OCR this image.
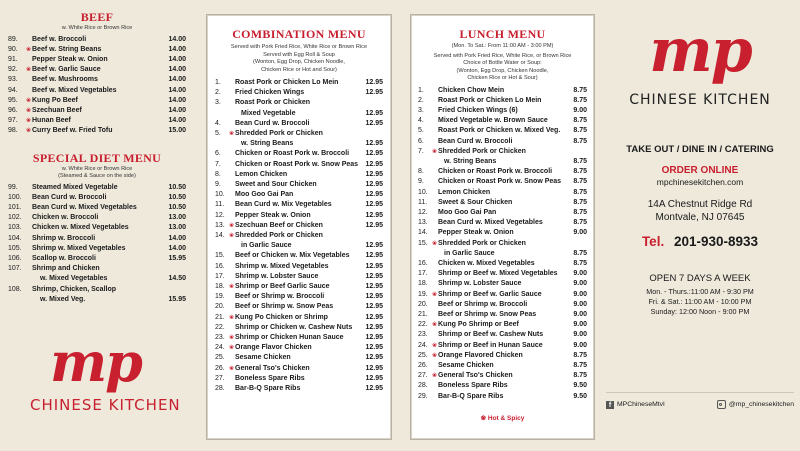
BEEF
w. White Rice or Brown Rice
89.	Beef w. Broccoli	14.00
90.	❀ Beef w. String Beans	14.00
91.	Pepper Steak w. Onion	14.00
92.	❀ Beef w. Garlic Sauce	14.00
93.	Beef w. Mushrooms	14.00
94.	Beef w. Mixed Vegetables	14.00
95.	❀ Kung Po Beef	14.00
96.	❀ Szechuan Beef	14.00
97.	❀ Hunan Beef	14.00
98.	❀ Curry Beef w. Fried Tofu	15.00
SPECIAL DIET MENU
w. White Rice or Brown Rice
(Steamed & Sauce on the side)
99.	Steamed Mixed Vegetable	10.50
100.	Bean Curd w. Broccoli	10.50
101.	Bean Curd w. Mixed Vegetables	10.50
102.	Chicken w. Broccoli	13.00
103.	Chicken w. Mixed Vegetables	13.00
104.	Shrimp w. Broccoli	14.00
105.	Shrimp w. Mixed Vegetables	14.00
106.	Scallop w. Broccoli	15.95
107.	Shrimp and Chicken
w. Mixed Vegetables	14.50
108.	Shrimp, Chicken, Scallop
w. Mixed Veg.	15.95
mp
CHINESE KITCHEN
COMBINATION MENU
Served with Pork Fried Rice, White Rice or Brown Rice
Served with Egg Roll & Soup
(Wonton, Egg Drop, Chicken Noodle,
Chicken Rice or Hot and Sour)
1.	Roast Pork or Chicken Lo Mein	12.95
2.	Fried Chicken Wings	12.95
3.	Roast Pork or Chicken
Mixed Vegetable	12.95
4.	Bean Curd w. Broccoli	12.95
5.	❀ Shredded Pork or Chicken
w. String Beans	12.95
6.	Chicken or Roast Pork w. Broccoli	12.95
7.	Chicken or Roast Pork w. Snow Peas	12.95
8.	Lemon Chicken	12.95
9.	Sweet and Sour Chicken	12.95
10.	Moo Goo Gai Pan	12.95
11.	Bean Curd w. Mix Vegetables	12.95
12.	Pepper Steak w. Onion	12.95
13. ❀ Szechuan Beef or Chicken	12.95
14. ❀ Shredded Pork or Chicken
in Garlic Sauce	12.95
15.	Beef or Chicken w. Mix Vegetables	12.95
16.	Shrimp w. Mixed Vegetables	12.95
17.	Shrimp w. Lobster Sauce	12.95
18. ❀ Shrimp or Beef Garlic Sauce	12.95
19.	Beef or Shrimp w. Broccoli	12.95
20.	Beef or Shrimp w. Snow Peas	12.95
21. ❀ Kung Po Chicken or Shrimp	12.95
22.	Shrimp or Chicken w. Cashew Nuts	12.95
23. ❀ Shrimp or Chicken Hunan Sauce	12.95
24. ❀ Orange Flavor Chicken	12.95
25.	Sesame Chicken	12.95
26. ❀ General Tso's Chicken	12.95
27.	Boneless Spare Ribs	12.95
28.	Bar-B-Q Spare Ribs	12.95
LUNCH MENU
(Mon. To Sat.: From 11:00 AM - 3:00 PM)
Served with Pork Fried Rice, White Rice, or Brown Rice
Choice of Bottle Water or Soup:
(Wonton, Egg Drop, Chicken Noodle,
Chicken Rice or Hot & Sour)
1.	Chicken Chow Mein	8.75
2.	Roast Pork or Chicken Lo Mein	8.75
3.	Fried Chicken Wings (6)	9.00
4.	Mixed Vegetable w. Brown Sauce	8.75
5.	Roast Pork or Chicken w. Mixed Veg.	8.75
6.	Bean Curd w. Broccoli	8.75
7.	❀ Shredded Pork or Chicken
w. String Beans	8.75
8.	Chicken or Roast Pork w. Broccoli	8.75
9.	Chicken or Roast Pork w. Snow Peas	8.75
10.	Lemon Chicken	8.75
11.	Sweet & Sour Chicken	8.75
12.	Moo Goo Gai Pan	8.75
13.	Bean Curd w. Mixed Vegetables	8.75
14.	Pepper Steak w. Onion	9.00
15. ❀ Shredded Pork or Chicken
in Garlic Sauce	8.75
16.	Chicken w. Mixed Vegetables	8.75
17.	Shrimp or Beef w. Mixed Vegetables	9.00
18.	Shrimp w. Lobster Sauce	9.00
19. ❀ Shrimp or Beef w. Garlic Sauce	9.00
20.	Beef or Shrimp w. Broccoli	9.00
21.	Beef or Shrimp w. Snow Peas	9.00
22. ❀ Kung Po Shrimp or Beef	9.00
23.	Shrimp or Beef w. Cashew Nuts	9.00
24. ❀ Shrimp or Beef in Hunan Sauce	9.00
25. ❀ Orange Flavored Chicken	8.75
26.	Sesame Chicken	8.75
27. ❀ General Tso's Chicken	8.75
28.	Boneless Spare Ribs	9.50
29.	Bar-B-Q Spare Ribs	9.50
❀ Hot & Spicy
mp
CHINESE KITCHEN
TAKE OUT / DINE IN / CATERING
ORDER ONLINE
mpchinesekitchen.com
14A Chestnut Ridge Rd
Montvale, NJ 07645
Tel. 201-930-8933
OPEN 7 DAYS A WEEK
Mon. - Thurs.:11:00 AM - 9:30 PM
Fri. & Sat.: 11:00 AM - 10:00 PM
Sunday: 12:00 Noon - 9:00 PM
f MPChineseMtvl	@mp_chinesekitchen
